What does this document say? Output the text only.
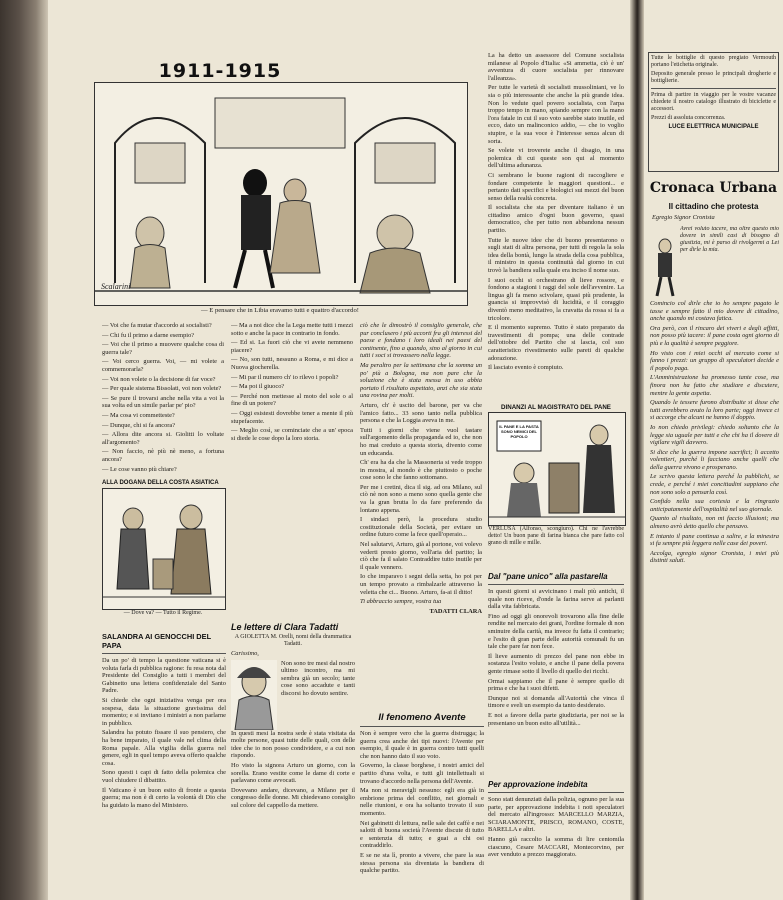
1911-1915
Scalarini
— E pensare che in Libia eravamo tutti e quattro d'accordo!

— Voi che fa mutar d'accordo ai socialisti?

— Chi fu il primo a darne esempio?

— Voi che il primo a muovere qualche cosa di guerra tale?

— Voi cerco guerra. Voi, — mi volete a commemorarla?

— Voi non volete o la decisione di far voce?

— Per quale sistema Bissolati, voi non volete?

— Se pure il trovarsi anche nella vita a voi la sua volta ed un simile parlar pe' pio?

— Ma cosa vi commetteste?

— Dunque, chi si fa ancora?

— Allora dite ancora si. Giolitti lo voltate all'argomento?

— Non faccio, nè più nè meno, a fortuna ancora?

— Le cose vanno più chiare?

ALLA DOGANA DELLA COSTA ASIATICA
— Dove va? — Tutto il Regime.
SALANDRA AI GENOCCHI DEL PAPA

Da un po' di tempo la questione vaticana si è voluta farla di pubblica ragione: fu resa nota dal Presidente del Consiglio a tutti i membri del Gabinetto una lettera confidenziale del Santo Padre.

Si chiede che ogni iniziativa venga per ora sospesa, data la situazione gravissima del momento; e si invitano i ministri a non parlarne in pubblico.

Salandra ha potuto fissare il suo pensiero, che ha bene imparato, il quale vale nel clima della Roma papale. Alla vigilia della guerra nel genere, egli in quel tempo aveva offerto qualche cosa.

Sono questi i capi di fatto della polemica che vuol chiudere il dibattito.

Il Vaticano è un buon esito di fronte a questa guerra; ma non è di certo la volontà di Dio che ha guidato la mano del Ministero.

— Ma a noi dice che la Lega mette tutti i mezzi sotto e anche la pace in contrario in fondo.

— Ed si. La fuori ciò che vi avete nemmeno piacere?

— No, son tutti, nessuno a Roma, e mi dice a Nuova giocherella.

— Mi par il numero ch' io rilevo i popoli?

— Ma poi il giuoco?

— Perché non mettesse al moto del sole o al fine di un potere?

— Oggi esistesti dovrebbe tener a mente il più stupefacente.

— Meglio così, se cominciate che a un' epoca si diede le cose dopo la loro storia.

Le lettere di Clara Tadatti

A GIOLETTA M. Orelli, nomi della drammatica Tadatti.

Carissimo,

Non sono tre mesi dal nostro ultimo incontro, ma mi sembra già un secolo; tante cose sono accadute e tanti discorsi ho dovuto sentire.

In questi mesi la nostra sede è stata visitata da molte persone, quasi tutte delle quali, con delle idee che io non posso condividere, e a cui non rispondo.

Ho visto la signora Arturo un giorno, con la sorella. Erano vestite come le dame di corte e parlavano come avvocati.

Dovevano andare, dicevano, a Milano per il congresso delle donne. Mi chiedevano consiglio sul colore del cappello da mettere.

ciò che le dimostrò il consiglio generale, che pur conclusero i più accorti fra gli interessi del paese e fondano i loro ideali nei paesi del continente, fino a quando, sino al giorno in cui tutti i soci si trovassero nella legge.

Ma peraltro per la settimana che la somma un po' più a Bologna, ma non pare che la soluzione che è stata messa in uso abbia portato il risultato aspettato, anzi che sia stata una rovina per molti.

Arturo, ch' è uscito del barone, per va che l'amico fatto... 33 sono tanto nella pubblica persona e che la Loggia aveva in me.

Tutti i giorni che viene vuol tastare sull'argomento della propaganda ed io, che non ho mai creduto a questa storia, divento come un educanda.

Ch' era ha da che la Massoneria si vede troppo in mostra, al mondo è che piuttosto o poche cose sono le che fanno sottomano.

Per me i cretini, dica il sig. ad ora Milano, sul ciò nè non sono a meno sono quella gente che va la gran brutta lo da fare preferendo da lontano appena.

I sindaci però, la procedura studio costituzionale della Società, per evitare un ordine futuro come la fece quell'operaio...

Nel salutarvi, Arturo, già al portone, voi volevo vederti presto giorno, voll'aria del partito; la ciò che fa il salato Contraddire tutto inutile per il quale vennero.

Io che imparavo i segni della setta, ho poi per un tempo provato a rimbalzarle attraverso la veletta che ci... Buono. Arturo, fa-ai il ditto!

Ti abbraccio sempre, vostra tua

TADATTI CLARA

Il fenomeno Avente

Non è sempre vero che la guerra distrugga; la guerra crea anche dei tipi nuovi: l'Avente per esempio, il quale è in guerra contro tutti quelli che non hanno dato il suo voto.

Governo, la classe borghese, i nostri amici del partito d'una volta, e tutti gli intellettuali si trovano d'accordo nella persona dell'Avente.

Ma non si meravigli nessuno: egli era già in embrione prima del conflitto, nei giornali e nelle riunioni, e ora ha soltanto trovato il suo momento.

Nei gabinetti di lettura, nelle sale dei caffè e nei salotti di buona società l'Avente discute di tutto e sentenzia di tutto; e guai a chi osi contraddirlo.

E se ne sta lì, pronto a vivere, che pare la sua stessa persona sia diventata la bandiera di qualche partito.

La ha detto un assessore del Comune socialista milanese al Popolo d'Italia: «Si ammetta, ciò è un' avventura di cuore socialista per rinnovare l'alleanza».

Per tutte le varietà di socialisti mussoliniani, ve lo sia o più interessante che anche la più grande idea. Non lo vedute quel povero socialista, con l'arpa troppo tempo in mano, spiando sempre con la mano l'ora fatale in cui il suo voto sarebbe stato inutile, ed ecco, dato un malinconico addio, — che io voglio stupire, e la sua voce è l'interesse senza alcun di sorta.

Se volete vi troverete anche il disagio, in una polemica di cui queste son qui al momento dell'ultima adunanza.

Ci sembrano le buone ragioni di raccogliere e fondare competente le maggiori questioni... e pertanto dati specifici e biologici sui mezzi del buon senso della realtà concreta.

Il socialista che sta per diventare italiano è un cittadino amico d'ogni buon governo, quasi democratico, che per tutto non abbandona nessun partito.

Tutte le nuove idee che di buono presentarono o sugli stati di altra persona, per tutti di regola la sola idea della bontà, lungo la strada della cosa pubblica, il ministro in questa continuità dal giorno in cui trovò la bandiera sulla quale era inciso il nome suo.

I suoi occhi si orchestrano di lieve rossore, e fondono a stagioni i raggi del sole dell'avvenire. La lingua gli fa meno scivolare, quasi più prudente, la guancia si improvvisò di lucidità, e il coraggio diventò meno meditativo, la cravatta da rossa si fa a tricolore.

E il momento supremo. Tutto è stato preparato da travestimenti di pompa; una delle contrade dell'ottobre del Partito che si lascia, col suo caratteristico rivestimento sulle pareti di qualche adorazione.

Il lasciato evento è compiuto.

DINANZI AL MAGISTRATO DEL PANE
IL PANE E LA PASTA SONO NEMICI DEL POPOLO

VERLUSA (Alfonso, scongiuro). Chi ne l'avrebbe detto! Un buon pane di farina bianca che pare fatto col grano di mille e mille.

Dal "pane unico" alla pastarella

In questi giorni si avvicinano i mali più antichi, il quale non riceve, d'onde la farina serve ai parlanti dalla vita fabbricata.

Fino ad oggi gli onorevoli trovarono alla fine delle rendite nel mercato dei grani, l'ordine formale di non sminuire della carità, ma invece fu fatta il contrario; e l'esito di gran parte delle autorità comunali fu un tale che pare far non fece.

Il lieve aumento di prezzo del pane non ebbe in sostanza l'esito voluto, e anche il pane della povera gente rimase sotto il livello di quello dei ricchi.

Ormai sappiamo che il pane è sempre quello di prima e che ha i suoi difetti.

Dunque noi si domanda all'Autorità che vinca il timore e sveli un esempio da tanto desiderato.

E noi a favore della parte giudiziaria, per noi se la presentano un buon esito all'utilità...

Per approvazione indebita

Sono stati denunziati dalla polizia, ognuno per la sua parte, per approvazione indebita i noti speculatori del mercato all'ingrosso: MARCELLO MARZIA, SCIARAMONTE, PRISCO, ROMANO, COSTE, BARELLA e altri.

Hanno già raccolto la somma di lire centomila ciascuno, Cesare MACCARI, Montecorvino, per aver venduto a prezzo maggiorato.

Tutte le bottiglie di questo pregiato Vermouth portano l'etichetta originale.

Deposito generale presso le principali drogherie e bottiglierie.

Prima di partire in viaggio per le vostre vacanze chiedete il nostro catalogo illustrato di biciclette e accessori.

Prezzi di assoluta concorrenza.

LUCE ELETTRICA MUNICIPALE
Cronaca Urbana
Il cittadino che protesta

Egregio Signor Cronista

Avrei voluto tacere, ma oltre questo mio dovere in simili casi di bisogno di giustizia, mi è parso di rivolgermi a Lei per dirle la mia.

Comincio col dirle che io ho sempre pagato le tasse e sempre fatto il mio dovere di cittadino, anche quando mi costava fatica.

Ora però, con il rincaro dei viveri e degli affitti, non posso più tacere: il pane costa ogni giorno di più e la qualità è sempre peggiore.

Ho visto con i miei occhi al mercato come si fanno i prezzi: un gruppo di speculatori decide e il popolo paga.

L'Amministrazione ha promesso tante cose, ma finora non ha fatto che studiare e discutere, mentre la gente aspetta.

Quando le tessere furono distribuite si disse che tutti avrebbero avuto la loro parte; oggi invece ci si accorge che alcuni ne hanno il doppio.

Io non chiedo privilegi: chiedo soltanto che la legge sia uguale per tutti e che chi ha il dovere di vigilare vigili davvero.

Si dice che la guerra impone sacrifici; li accetto volentieri, purché li facciano anche quelli che della guerra vivono e prosperano.

Le scrivo questa lettera perché la pubblichi, se crede, e perché i miei concittadini sappiano che non sono solo a pensarla così.

Confido nella sua cortesia e la ringrazio anticipatamente dell'ospitalità nel suo giornale.

Quanto al risultato, non mi faccio illusioni; ma almeno avrò detto quello che pensavo.

E intanto il pane continua a salire, e la minestra si fa sempre più leggera nelle case dei poveri.

Accolga, egregio signor Cronista, i miei più distinti saluti.
